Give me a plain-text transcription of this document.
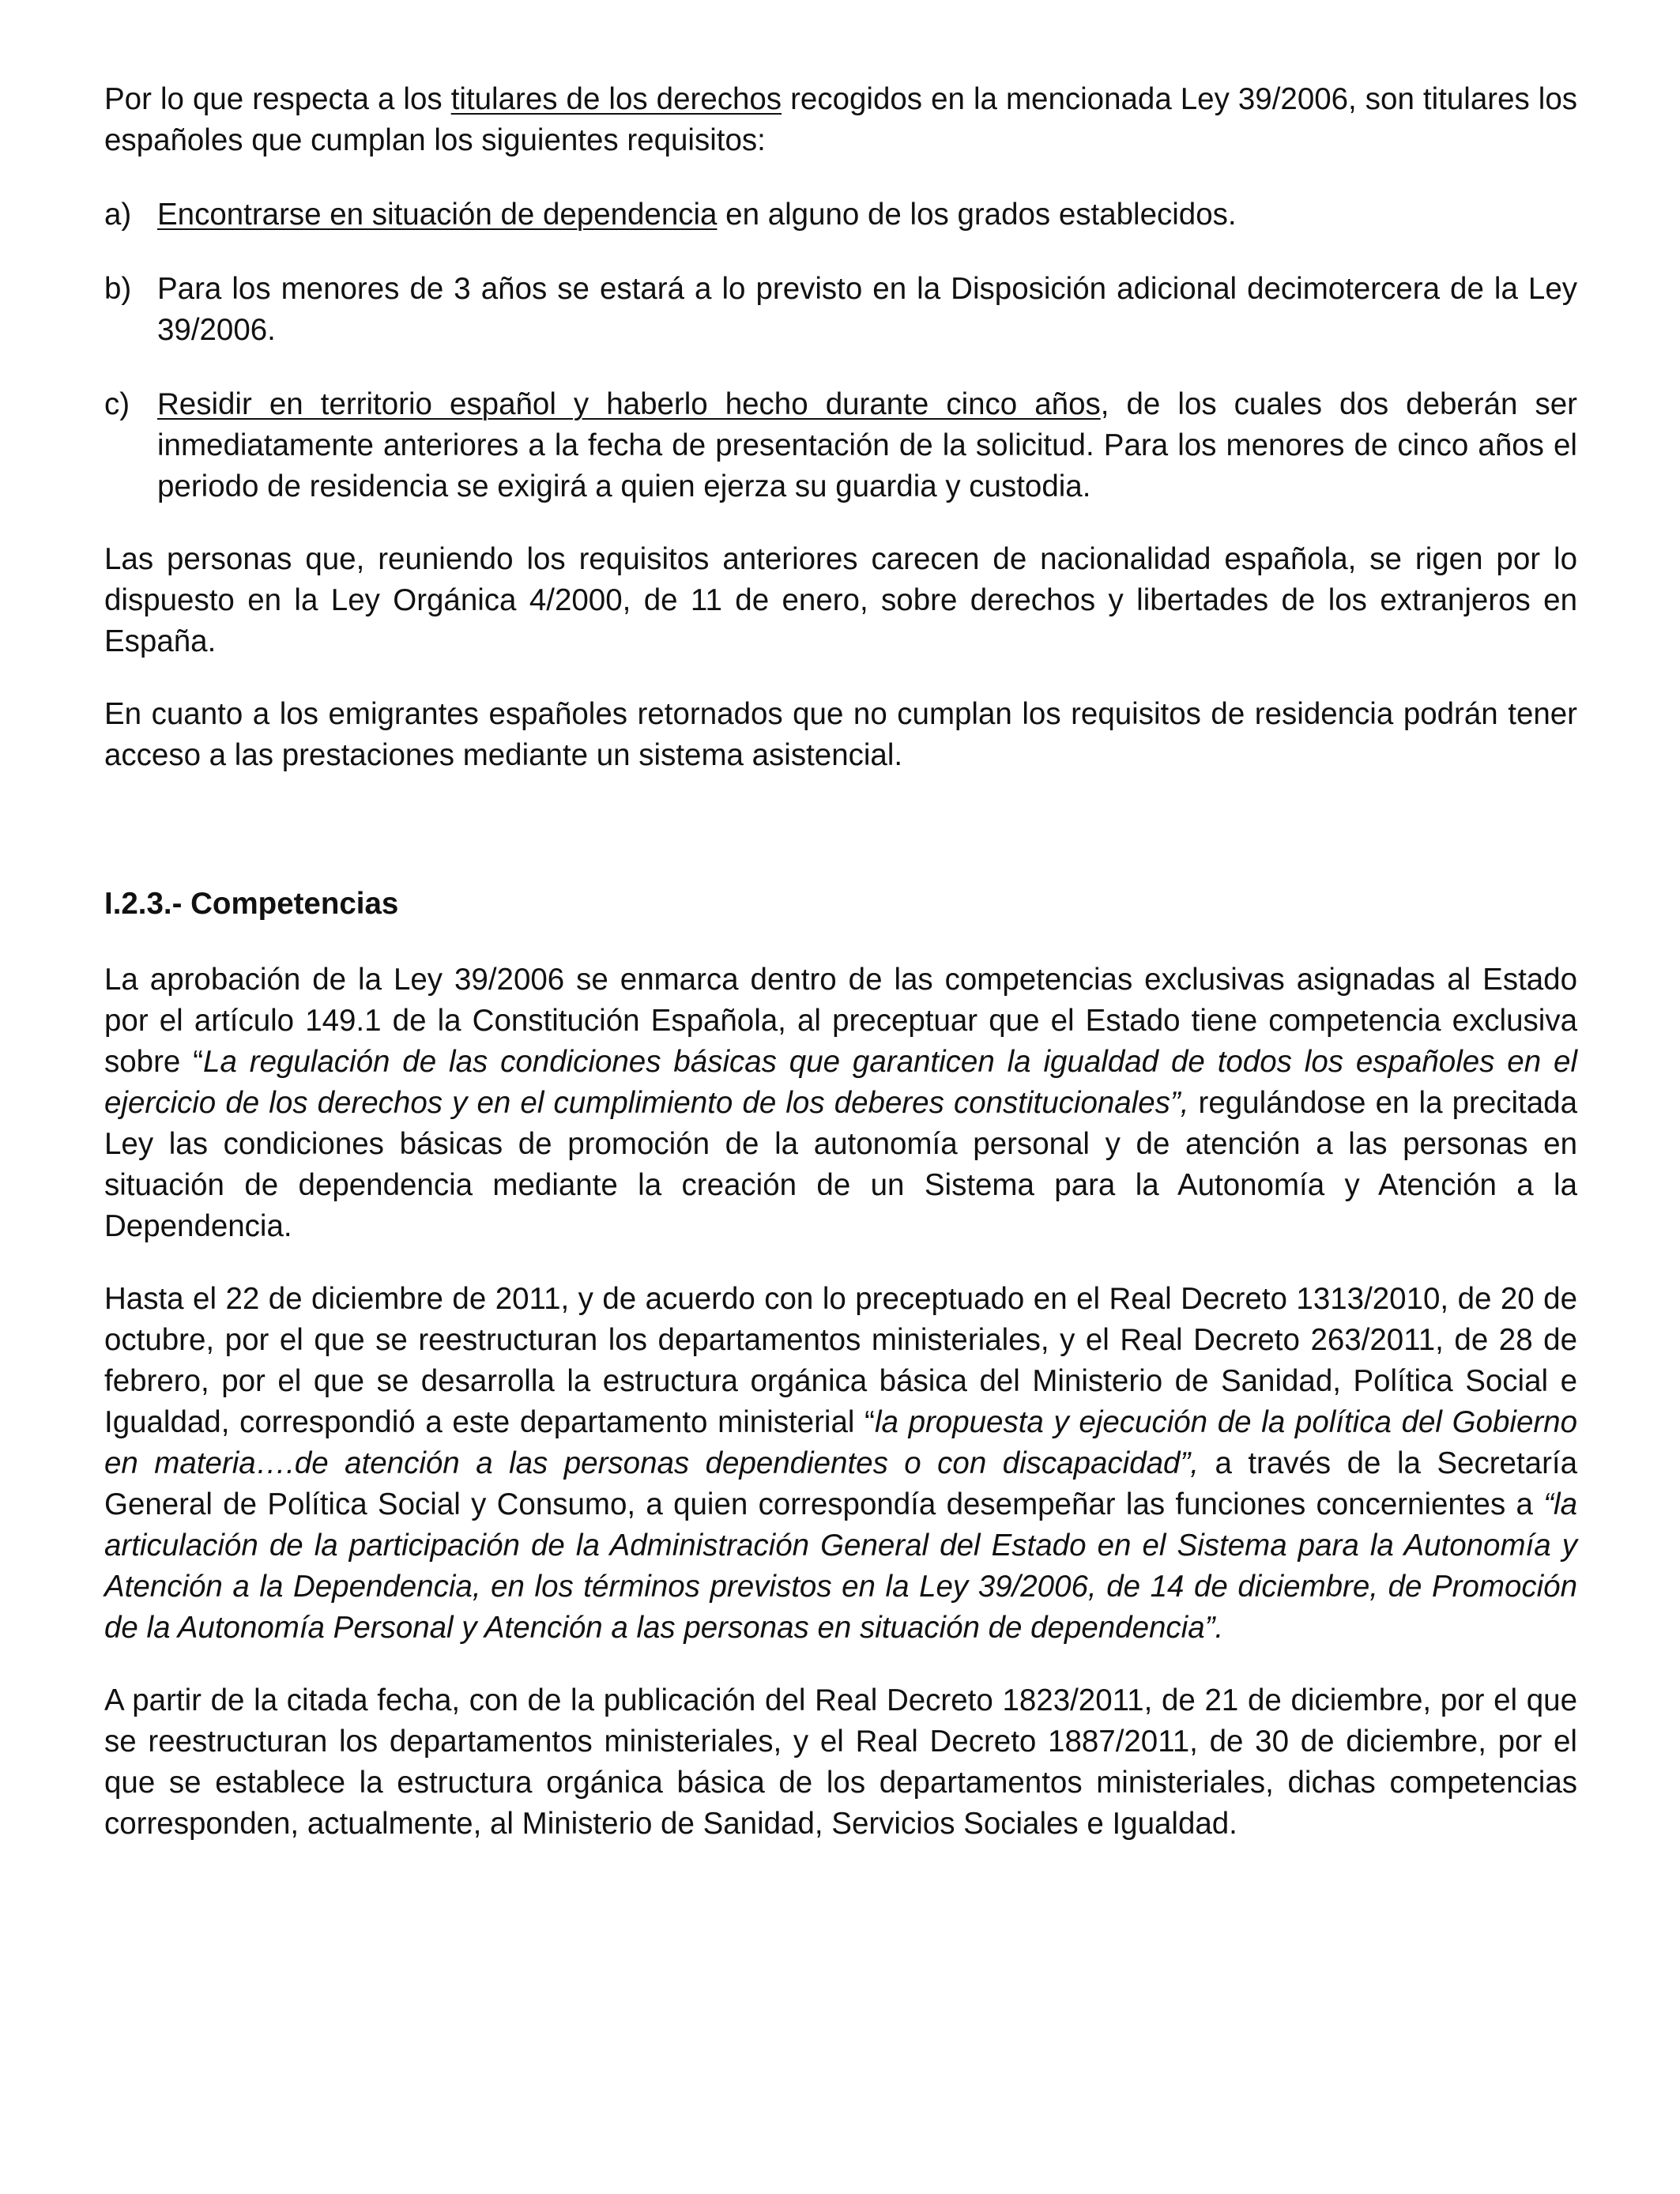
Por lo que respecta a los titulares de los derechos recogidos en la mencionada Ley 39/2006, son titulares los españoles que cumplan los siguientes requisitos:

a) Encontrarse en situación de dependencia en alguno de los grados establecidos.
b) Para los menores de 3 años se estará a lo previsto en la Disposición adicional decimotercera de la Ley 39/2006.
c) Residir en territorio español y haberlo hecho durante cinco años, de los cuales dos deberán ser inmediatamente anteriores a la fecha de presentación de la solicitud. Para los menores de cinco años el periodo de residencia se exigirá a quien ejerza su guardia y custodia.

Las personas que, reuniendo los requisitos anteriores carecen de nacionalidad española, se rigen por lo dispuesto en la Ley Orgánica 4/2000, de 11 de enero, sobre derechos y libertades de los extranjeros en España.

En cuanto a los emigrantes españoles retornados que no cumplan los requisitos de residencia podrán tener acceso a las prestaciones mediante un sistema asistencial.

I.2.3.- Competencias

La aprobación de la Ley 39/2006 se enmarca dentro de las competencias exclusivas asignadas al Estado por el artículo 149.1 de la Constitución Española, al preceptuar que el Estado tiene competencia exclusiva sobre “La regulación de las condiciones básicas que garanticen la igualdad de todos los españoles en el ejercicio de los derechos y en el cumplimiento de los deberes constitucionales”, regulándose en la precitada Ley las condiciones básicas de promoción de la autonomía personal y de atención a las personas en situación de dependencia mediante la creación de un Sistema para la Autonomía y Atención a la Dependencia.

Hasta el 22 de diciembre de 2011, y de acuerdo con lo preceptuado en el Real Decreto 1313/2010, de 20 de octubre, por el que se reestructuran los departamentos ministeriales, y el Real Decreto 263/2011, de 28 de febrero, por el que se desarrolla la estructura orgánica básica del Ministerio de Sanidad, Política Social e Igualdad, correspondió a este departamento ministerial “la propuesta y ejecución de la política del Gobierno en materia….de atención a las personas dependientes o con discapacidad”, a través de la Secretaría General de Política Social y Consumo, a quien correspondía desempeñar las funciones concernientes a “la articulación de la participación de la Administración General del Estado en el Sistema para la Autonomía y Atención a la Dependencia, en los términos previstos en la Ley 39/2006, de 14 de diciembre, de Promoción de la Autonomía Personal y Atención a las personas en situación de dependencia”.

A partir de la citada fecha, con de la publicación del Real Decreto 1823/2011, de 21 de diciembre, por el que se reestructuran los departamentos ministeriales, y el Real Decreto 1887/2011, de 30 de diciembre, por el que se establece la estructura orgánica básica de los departamentos ministeriales, dichas competencias corresponden, actualmente, al Ministerio de Sanidad, Servicios Sociales e Igualdad.
